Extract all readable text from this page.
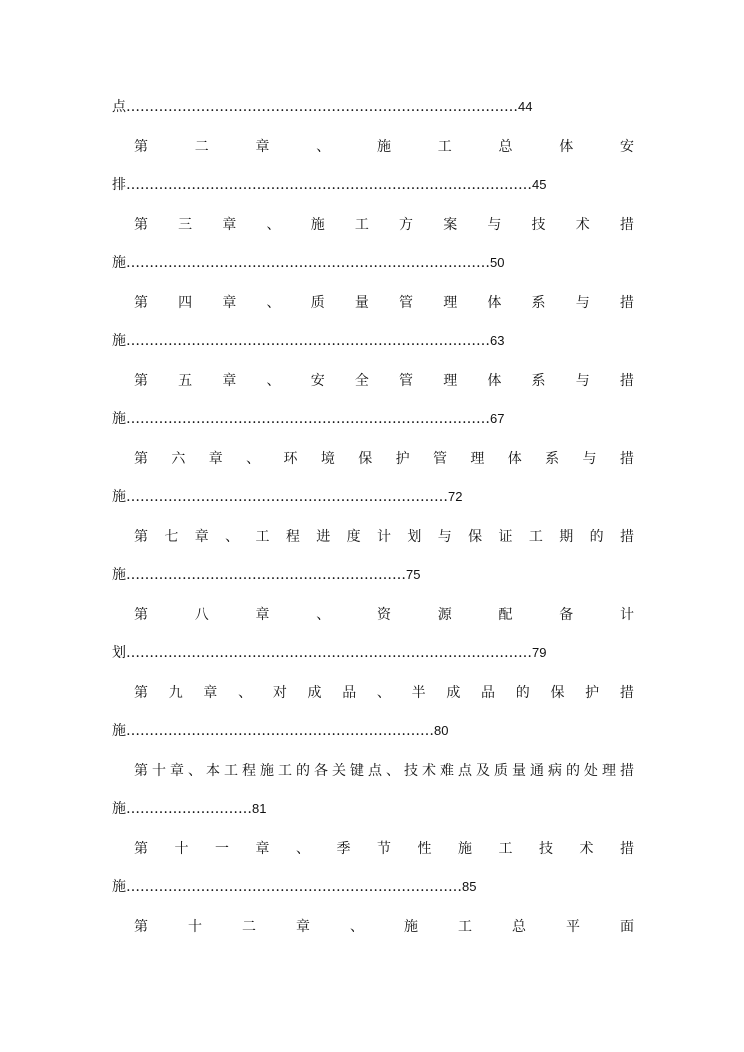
点…………………………………………………………………………44
第	二	章	、	施	工	总	体	安
排……………………………………………………………………………45
第 三 章 、 施 工 方 案 与 技 术 措
施……………………………………………………………………50
第 四 章 、 质 量 管 理 体 系 与 措
施……………………………………………………………………63
第 五 章 、 安 全 管 理 体 系 与 措
施……………………………………………………………………67
第 六 章 、 环 境 保 护 管 理 体 系 与 措
施……………………………………………………………72
第 七 章 、 工 程 进 度 计 划 与 保 证 工 期 的 措
施……………………………………………………75
第	八	章	、	资	源	配	备	计
划……………………………………………………………………………79
第 九 章 、 对 成 品 、 半 成 品 的 保 护 措
施…………………………………………………………80
第 十 章 、 本 工 程 施 工 的 各 关 键 点 、 技 术 难 点 及 质 量 通 病 的 处 理 措
施………………………81
第 十 一 章 、 季 节 性 施 工 技 术 措
施………………………………………………………………85
第	十	二	章	、	施	工	总	平	面
